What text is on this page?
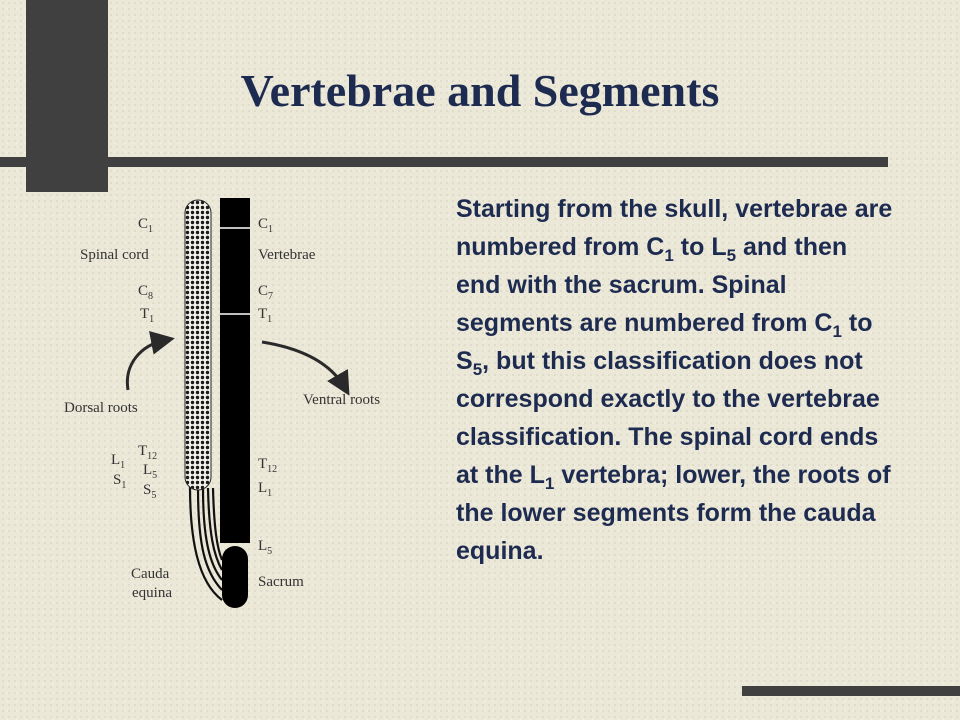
Vertebrae and Segments
$C_1$
Spinal cord
$C_8$
$T_1$
Dorsal roots
$L_1$
$S_1$
$T_{12}$
$L_5$
$S_5$
Cauda
equina
$C_1$
Vertebrae
$C_7$
$T_1$
Ventral roots
$T_{12}$
$L_1$
$L_5$
Sacrum

Starting from the skull, vertebrae are numbered from $C_1$ to $L_5$ and then end with the sacrum. Spinal segments are numbered from $C_1$ to $S_5$, but this classification does not correspond exactly to the vertebrae classification. The spinal cord ends at the $L_1$ vertebra; lower, the roots of the lower segments form the cauda equina.
